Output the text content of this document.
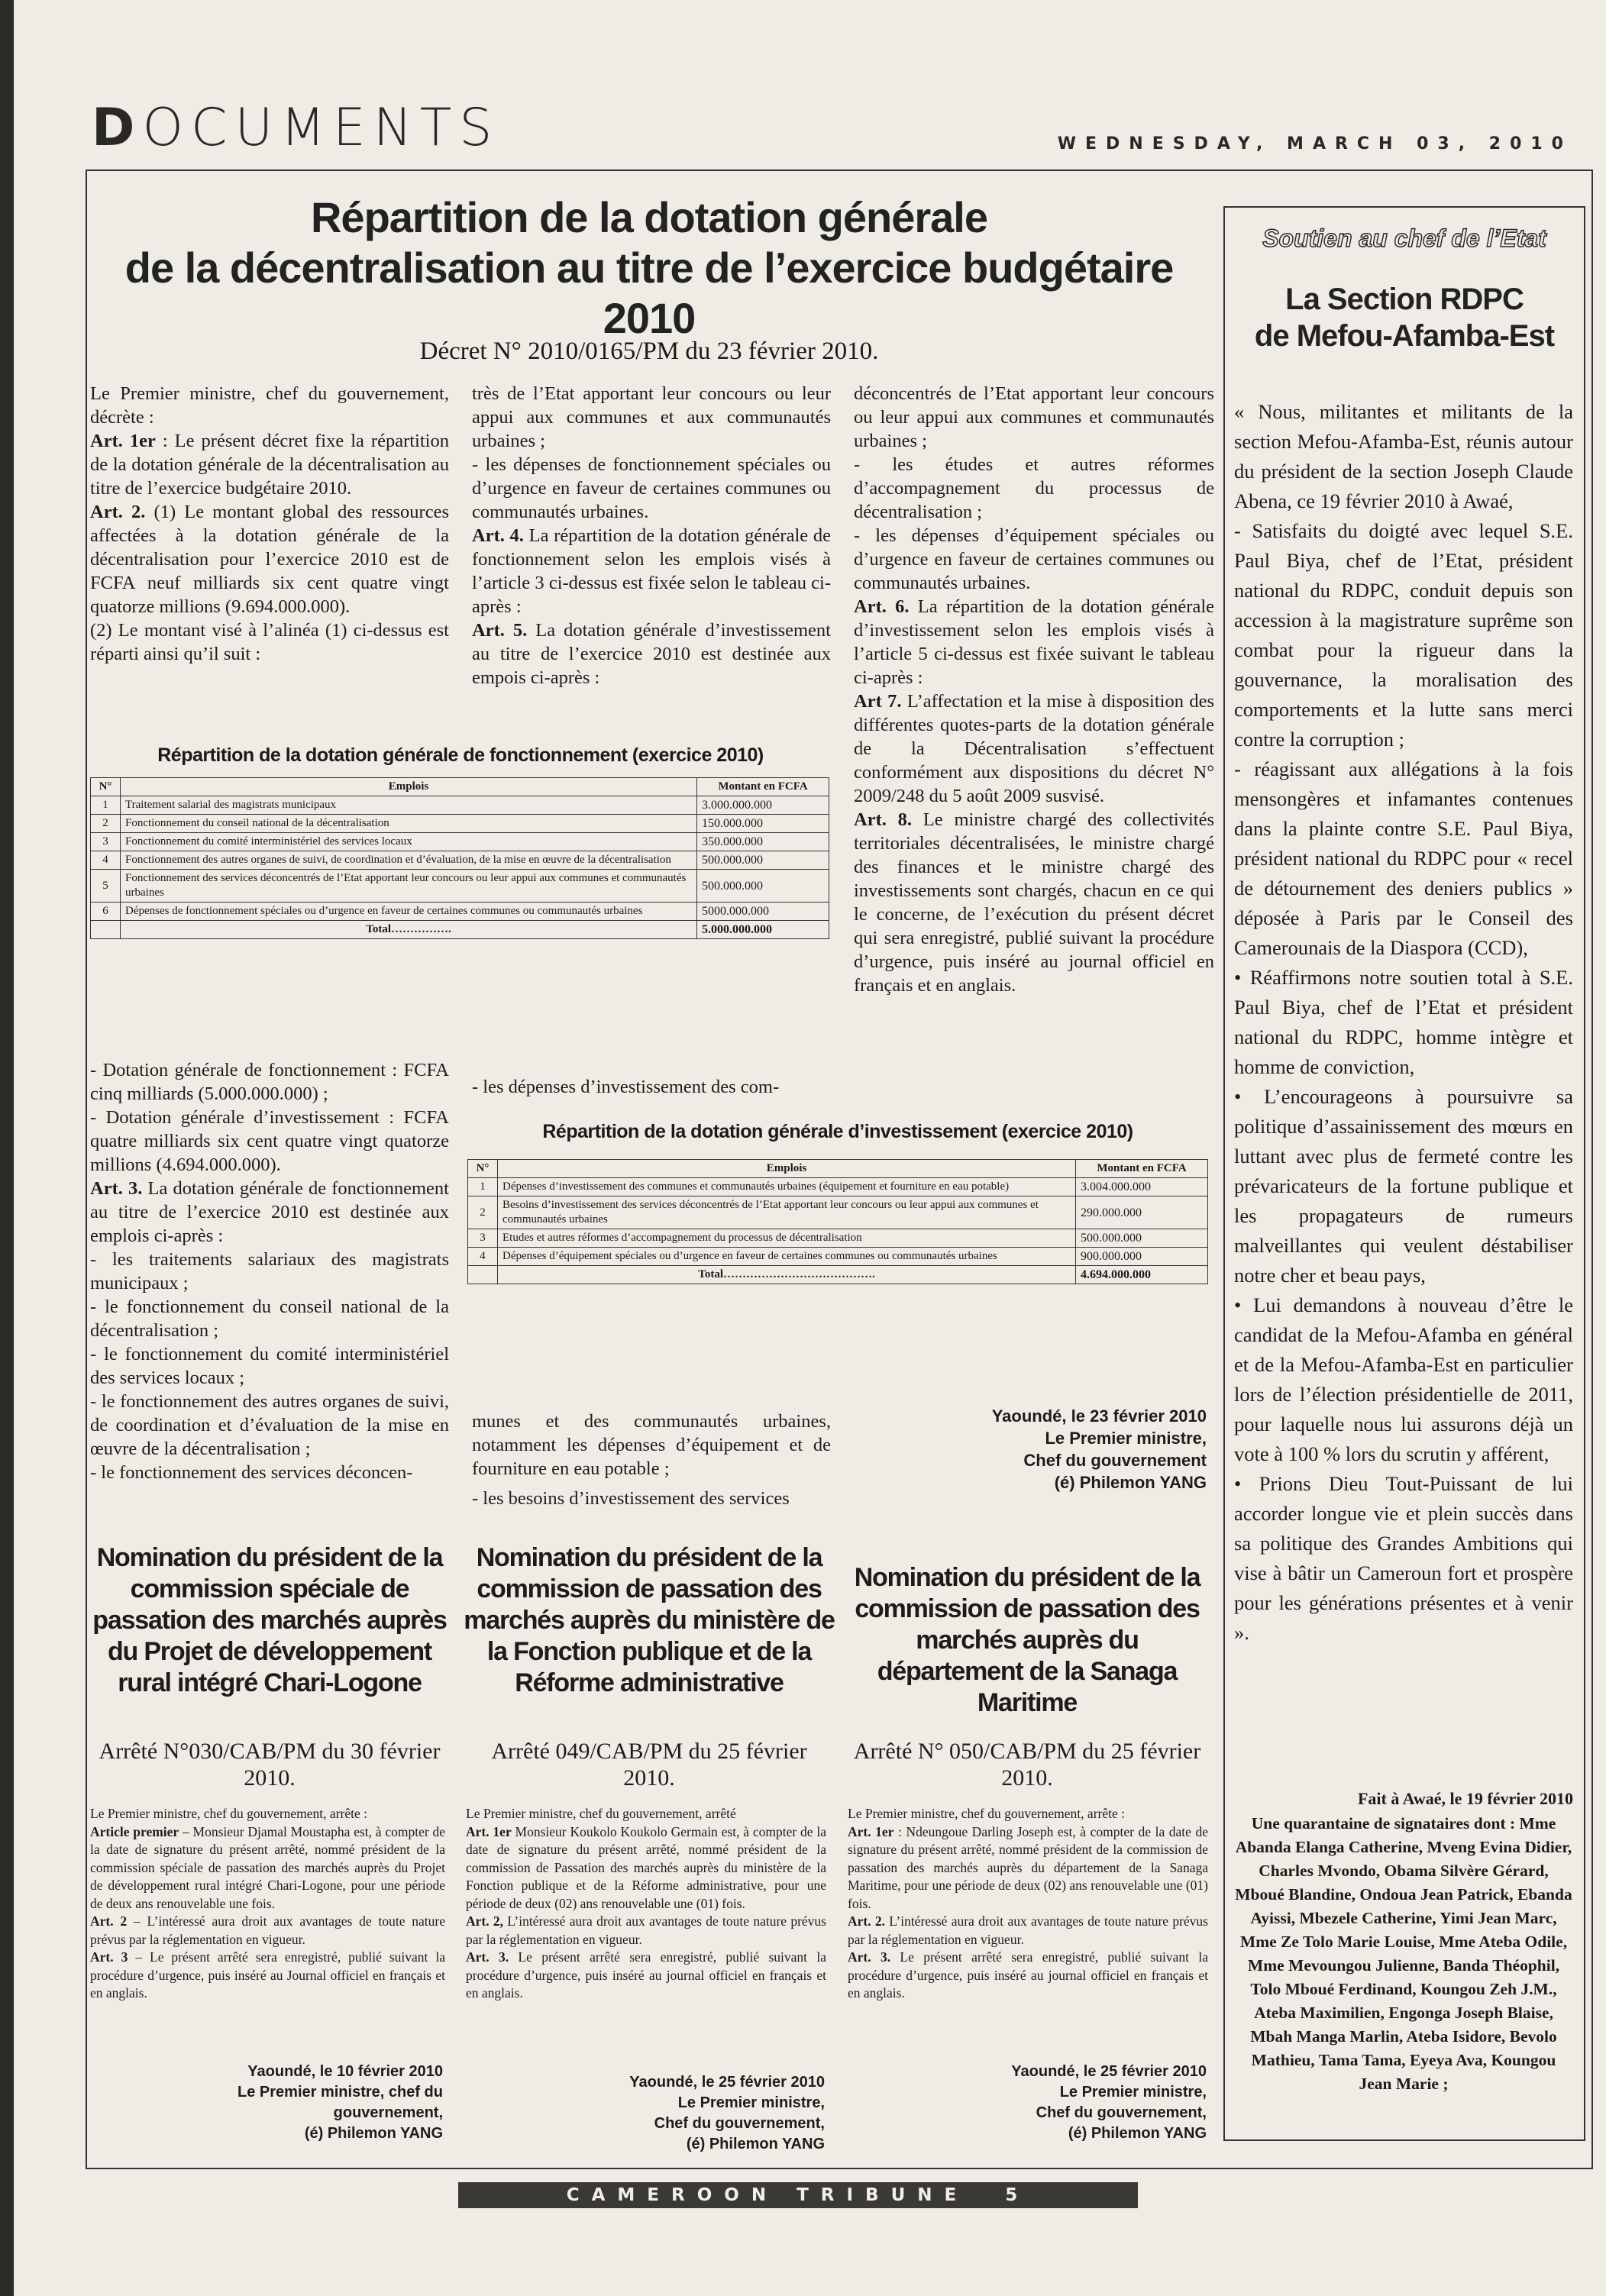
DOCUMENTS	WEDNESDAY, MARCH 03, 2010
Répartition de la dotation générale
de la décentralisation au titre de l’exercice budgétaire 2010
Décret N° 2010/0165/PM du 23 février 2010.
Le Premier ministre, chef du gouvernement, décrète :
Art. 1er : Le présent décret fixe la répartition de la dotation générale de la décentralisation au titre de l’exercice budgétaire 2010.
Art. 2. (1) Le montant global des ressources affectées à la dotation générale de la décentralisation pour l’exercice 2010 est de FCFA neuf milliards six cent quatre vingt quatorze millions (9.694.000.000).
(2) Le montant visé à l’alinéa (1) ci-dessus est réparti ainsi qu’il suit :
très de l’Etat apportant leur concours ou leur appui aux communes et aux communautés urbaines ;
- les dépenses de fonctionnement spéciales ou d’urgence en faveur de certaines communes ou communautés urbaines.
Art. 4. La répartition de la dotation générale de fonctionnement selon les emplois visés à l’article 3 ci-dessus est fixée selon le tableau ci-après :
Art. 5. La dotation générale d’investissement au titre de l’exercice 2010 est destinée aux empois ci-après :
déconcentrés de l’Etat apportant leur concours ou leur appui aux communes et communautés urbaines ;
- les études et autres réformes d’accompagnement du processus de décentralisation ;
- les dépenses d’équipement spéciales ou d’urgence en faveur de certaines communes ou communautés urbaines.
Art. 6. La répartition de la dotation générale d’investissement selon les emplois visés à l’article 5 ci-dessus est fixée suivant le tableau ci-après :
Art 7. L’affectation et la mise à disposition des différentes quotes-parts de la dotation générale de la Décentralisation s’effectuent conformément aux dispositions du décret N° 2009/248 du 5 août 2009 susvisé.
Art. 8. Le ministre chargé des collectivités territoriales décentralisées, le ministre chargé des finances et le ministre chargé des investissements sont chargés, chacun en ce qui le concerne, de l’exécution du présent décret qui sera enregistré, publié suivant la procédure d’urgence, puis inséré au journal officiel en français et en anglais.
Répartition de la dotation générale de fonctionnement (exercice 2010)
N°	Emplois	Montant en FCFA
1	Traitement salarial des magistrats municipaux	3.000.000.000
2	Fonctionnement du conseil national de la décentralisation	150.000.000
3	Fonctionnement du comité interministériel des services locaux	350.000.000
4	Fonctionnement des autres organes de suivi, de coordination et d’évaluation, de la mise en œuvre de la décentralisation	500.000.000
5	Fonctionnement des services déconcentrés de l’Etat apportant leur concours ou leur appui aux communes et communautés urbaines	500.000.000
6	Dépenses de fonctionnement spéciales ou d’urgence en faveur de certaines communes ou communautés urbaines	5000.000.000
	Total…………….	5.000.000.000
- Dotation générale de fonctionnement : FCFA cinq milliards (5.000.000.000) ;
- Dotation générale d’investissement : FCFA quatre milliards six cent quatre vingt quatorze millions (4.694.000.000).
Art. 3. La dotation générale de fonctionnement au titre de l’exercice 2010 est destinée aux emplois ci-après :
- les traitements salariaux des magistrats municipaux ;
- le fonctionnement du conseil national de la décentralisation ;
- le fonctionnement du comité interministériel des services locaux ;
- le fonctionnement des autres organes de suivi, de coordination et d’évaluation de la mise en œuvre de la décentralisation ;
- le fonctionnement des services déconcen-
- les dépenses d’investissement des com-
Répartition de la dotation générale d’investissement (exercice 2010)
N°	Emplois	Montant en FCFA
1	Dépenses d’investissement des communes et communautés urbaines (équipement et fourniture en eau potable)	3.004.000.000
2	Besoins d’investissement des services déconcentrés de l’Etat apportant leur concours ou leur appui aux communes et communautés urbaines	290.000.000
3	Etudes et autres réformes d’accompagnement du processus de décentralisation	500.000.000
4	Dépenses d’équipement spéciales ou d’urgence en faveur de certaines communes ou communautés urbaines	900.000.000
	Total………………………………….	4.694.000.000
munes et des communautés urbaines, notamment les dépenses d’équipement et de fourniture en eau potable ;
- les besoins d’investissement des services
Yaoundé, le 23 février 2010
Le Premier ministre,
Chef du gouvernement
(é) Philemon YANG
Nomination du président de la commission spéciale de passation des marchés auprès du Projet de développement rural intégré Chari-Logone
Arrêté N°030/CAB/PM du 30 février 2010.
Le Premier ministre, chef du gouvernement, arrête :
Article premier – Monsieur Djamal Moustapha est, à compter de la date de signature du présent arrêté, nommé président de la commission spéciale de passation des marchés auprès du Projet de développement rural intégré Chari-Logone, pour une période de deux ans renouvelable une fois.
Art. 2 – L’intéressé aura droit aux avantages de toute nature prévus par la réglementation en vigueur.
Art. 3 – Le présent arrêté sera enregistré, publié suivant la procédure d’urgence, puis inséré au Journal officiel en français et en anglais.
Yaoundé, le 10 février 2010
Le Premier ministre, chef du
gouvernement,
(é) Philemon YANG
Nomination du président de la commission de passation des marchés auprès du ministère de la Fonction publique et de la Réforme administrative
Arrêté 049/CAB/PM du 25 février 2010.
Le Premier ministre, chef du gouvernement, arrêté
Art. 1er Monsieur Koukolo Koukolo Germain est, à compter de la date de signature du présent arrêté, nommé président de la commission de Passation des marchés auprès du ministère de la Fonction publique et de la Réforme administrative, pour une période de deux (02) ans renouvelable une (01) fois.
Art. 2, L’intéressé aura droit aux avantages de toute nature prévus par la réglementation en vigueur.
Art. 3. Le présent arrêté sera enregistré, publié suivant la procédure d’urgence, puis inséré au journal officiel en français et en anglais.
Yaoundé, le 25 février 2010
Le Premier ministre,
Chef du gouvernement,
(é) Philemon YANG
Nomination du président de la commission de passation des marchés auprès du département de la Sanaga Maritime
Arrêté N° 050/CAB/PM du 25 février 2010.
Le Premier ministre, chef du gouvernement, arrête :
Art. 1er : Ndeungoue Darling Joseph est, à compter de la date de signature du présent arrêté, nommé président de la commission de passation des marchés auprès du département de la Sanaga Maritime, pour une période de deux (02) ans renouvelable une (01) fois.
Art. 2. L’intéressé aura droit aux avantages de toute nature prévus par la réglementation en vigueur.
Art. 3. Le présent arrêté sera enregistré, publié suivant la procédure d’urgence, puis inséré au journal officiel en français et en anglais.
Yaoundé, le 25 février 2010
Le Premier ministre,
Chef du gouvernement,
(é) Philemon YANG
Soutien au chef de l’Etat
La Section RDPC
de Mefou-Afamba-Est
« Nous, militantes et militants de la section Mefou-Afamba-Est, réunis autour du président de la section Joseph Claude Abena, ce 19 février 2010 à Awaé,
- Satisfaits du doigté avec lequel S.E. Paul Biya, chef de l’Etat, président national du RDPC, conduit depuis son accession à la magistrature suprême son combat pour la rigueur dans la gouvernance, la moralisation des comportements et la lutte sans merci contre la corruption ;
- réagissant aux allégations à la fois mensongères et infamantes contenues dans la plainte contre S.E. Paul Biya, président national du RDPC pour « recel de détournement des deniers publics » déposée à Paris par le Conseil des Camerounais de la Diaspora (CCD),
• Réaffirmons notre soutien total à S.E. Paul Biya, chef de l’Etat et président national du RDPC, homme intègre et homme de conviction,
• L’encourageons à poursuivre sa politique d’assainissement des mœurs en luttant avec plus de fermeté contre les prévaricateurs de la fortune publique et les propagateurs de rumeurs malveillantes qui veulent déstabiliser notre cher et beau pays,
• Lui demandons à nouveau d’être le candidat de la Mefou-Afamba en général et de la Mefou-Afamba-Est en particulier lors de l’élection présidentielle de 2011, pour laquelle nous lui assurons déjà un vote à 100 % lors du scrutin y afférent,
• Prions Dieu Tout-Puissant de lui accorder longue vie et plein succès dans sa politique des Grandes Ambitions qui vise à bâtir un Cameroun fort et prospère pour les générations présentes et à venir ».
Fait à Awaé, le 19 février 2010
Une quarantaine de signataires dont : Mme Abanda Elanga Catherine, Mveng Evina Didier, Charles Mvondo, Obama Silvère Gérard, Mboué Blandine, Ondoua Jean Patrick, Ebanda Ayissi, Mbezele Catherine, Yimi Jean Marc, Mme Ze Tolo Marie Louise, Mme Ateba Odile, Mme Mevoungou Julienne, Banda Théophil, Tolo Mboué Ferdinand, Koungou Zeh J.M., Ateba Maximilien, Engonga Joseph Blaise, Mbah Manga Marlin, Ateba Isidore, Bevolo Mathieu, Tama Tama, Eyeya Ava, Koungou Jean Marie ;
CAMEROON TRIBUNE 5
